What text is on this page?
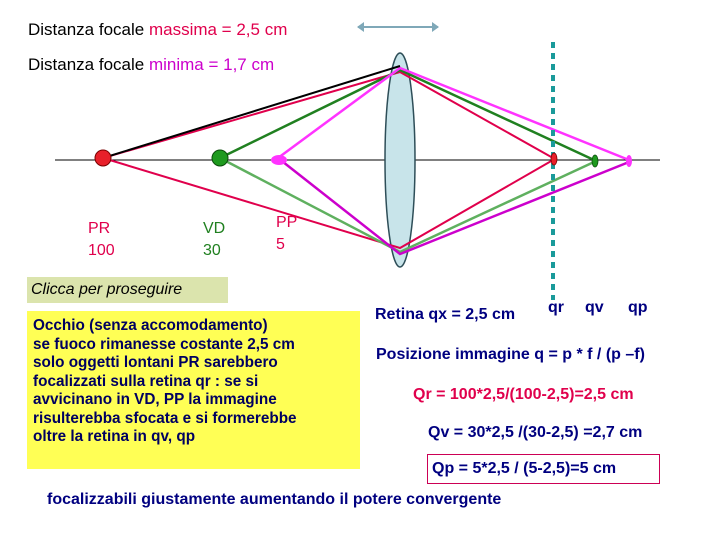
Distanza focale massima = 2,5 cm
Distanza focale minima = 1,7 cm
PR
100
VD
30
PP
5
Clicca per proseguire
Occhio (senza accomodamento)
se fuoco rimanesse costante 2,5 cm
solo oggetti lontani PR sarebbero
focalizzati sulla retina qr : se si
avvicinano in VD, PP la immagine
risulterebba sfocata e si formerebbe
oltre la retina in qv, qp
Retina qx = 2,5 cm qr qv qp
Posizione immagine q = p * f / (p –f)
Qr = 100*2,5/(100-2,5)=2,5 cm
Qv = 30*2,5 /(30-2,5) =2,7 cm
Qp = 5*2,5 / (5-2,5)=5 cm
focalizzabili giustamente aumentando il potere convergente
